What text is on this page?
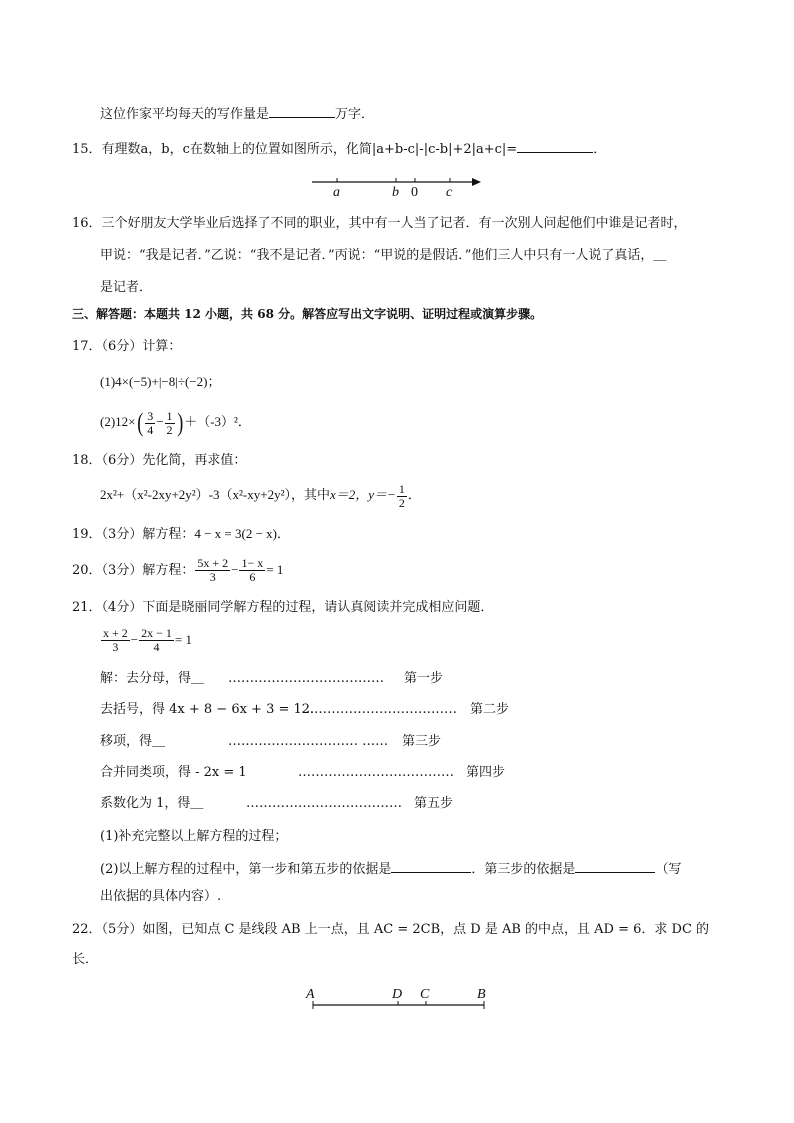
这位作家平均每天的写作量是	万字．
15．有理数a，b，c在数轴上的位置如图所示，化简|a+b-c|-|c-b|+2|a+c|=	．
a	b 0 c
16．三个好朋友大学毕业后选择了不同的职业，其中有一人当了记者．有一次别人问起他们中谁是记者时，
甲说：“我是记者．”乙说：“我不是记者．”丙说：“甲说的是假话．”他们三人中只有一人说了真话，＿
是记者．
三、解答题：本题共 12 小题，共 68 分。解答应写出文字说明、证明过程或演算步骤。
17．（6分）计算：
(1)4×(−5)+|−8|÷(−2)；
$(2)12\times( \frac{3}{4} - \frac{1}{2} )+(-3)^2$．
18．（6分）先化简，再求值：
2x²+（x²-2xy+2y²）-3（x²-xy+2y²），其中x＝2，$y=- \frac{1}{2}$ ．
19．（3分）解方程：4 − x = 3(2 − x)．
20．（3分）解方程： $\frac{5x + 2}{3} - \frac{1- x}{6} = 1$
21．（4分）下面是晓丽同学解方程的过程，请认真阅读并完成相应问题．
$\frac{x + 2}{3} - \frac{2x - 1}{4} = 1$
解：去分母，得＿ ……………………………… 第一步
去括号，得 4x + 8 − 6x + 3 = 12.
……………………………… 第二步
移项，得＿	………………………… …… 第三步
合并同类项，得 - 2x = 1	……………………………… 第四步
系数化为 1，得＿	……………………………… 第五步
(1)补充完整以上解方程的过程；
(2)以上解方程的过程中，第一步和第五步的依据是	．第三步的依据是	（写
出依据的具体内容）.
22．（5分）如图，已知点 C 是线段 AB 上一点，且 AC = 2CB，点 D 是 AB 的中点，且 AD = 6．求 DC 的
长．
A	D C	B
